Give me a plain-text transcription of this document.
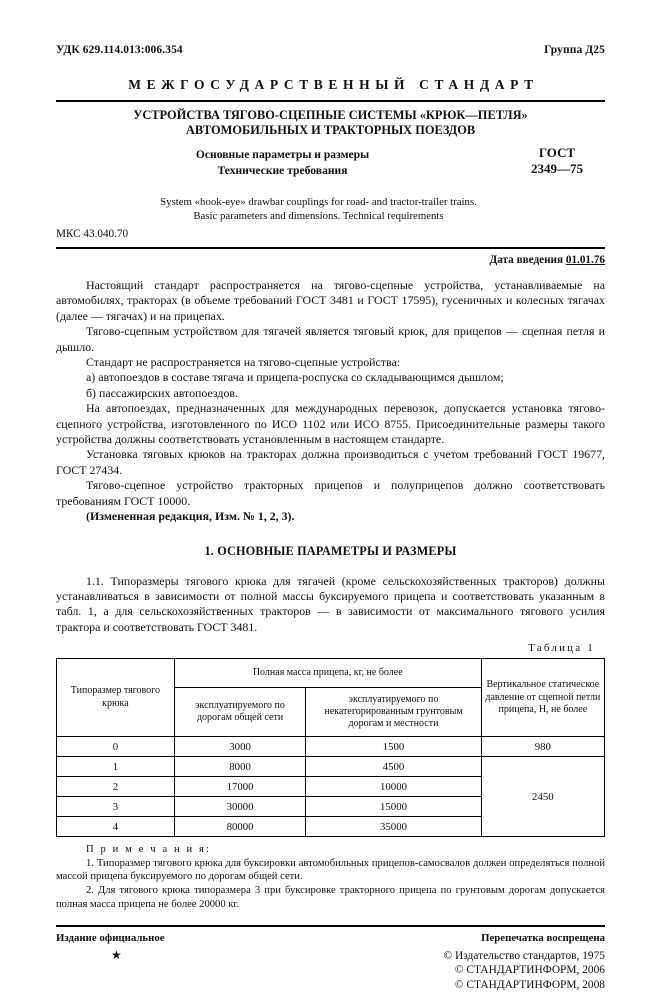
УДК 629.114.013:006.354	Группа Д25
МЕЖГОСУДАРСТВЕННЫЙ СТАНДАРТ
УСТРОЙСТВА ТЯГОВО-СЦЕПНЫЕ СИСТЕМЫ «КРЮК—ПЕТЛЯ»
АВТОМОБИЛЬНЫХ И ТРАКТОРНЫХ ПОЕЗДОВ
Основные параметры и размеры
Технические требования
ГОСТ
2349—75
System «hook-eye» drawbar couplings for road- and tractor-trailer trains.
Basic parameters and dimensions. Technical requirements
МКС 43.040.70
Дата введения 01.01.76

Настоящий стандарт распространяется на тягово-сцепные устройства, устанавливаемые на автомобилях, тракторах (в объеме требований ГОСТ 3481 и ГОСТ 17595), гусеничных и колесных тягачах (далее — тягачах) и на прицепах.

Тягово-сцепным устройством для тягачей является тяговый крюк, для прицепов — сцепная петля и дышло.

Стандарт не распространяется на тягово-сцепные устройства:

а) автопоездов в составе тягача и прицепа-роспуска со складывающимся дышлом;

б) пассажирских автопоездов.

На автопоездах, предназначенных для международных перевозок, допускается установка тягово-сцепного устройства, изготовленного по ИСО 1102 или ИСО 8755. Присоединительные размеры такого устройства должны соответствовать установленным в настоящем стандарте.

Установка тяговых крюков на тракторах должна производиться с учетом требований ГОСТ 19677, ГОСТ 27434.

Тягово-сцепное устройство тракторных прицепов и полуприцепов должно соответствовать требованиям ГОСТ 10000.

(Измененная редакция, Изм. № 1, 2, 3).

1. ОСНОВНЫЕ ПАРАМЕТРЫ И РАЗМЕРЫ

1.1. Типоразмеры тягового крюка для тягачей (кроме сельскохозяйственных тракторов) должны устанавливаться в зависимости от полной массы буксируемого прицепа и соответствовать указанным в табл. 1, а для сельскохозяйственных тракторов — в зависимости от максимального тягового усилия трактора и соответствовать ГОСТ 3481.

Таблица 1
Типоразмер тягового крюка	Полная масса прицепа, кг, не более		Вертикальное статическое давление от сцепной петли прицепа, Н, не более
	эксплуатируемого по дорогам общей сети	эксплуатируемого по некатегорированным грунтовым дорогам и местности	
0	3000	1500	980
1	8000	4500	2450
2	17000	10000	
3	30000	15000	
4	80000	35000	
П р и м е ч а н и я:

1. Типоразмер тягового крюка для буксировки автомобильных прицепов-самосвалов должен определяться полной массой прицепа буксируемого по дорогам общей сети.

2. Для тягового крюка типоразмера 3 при буксировке тракторного прицепа по грунтовым дорогам допускается полная масса прицепа не более 20000 кг.

Издание официальное	Перепечатка воспрещена
★	© Издательство стандартов, 1975
© СТАНДАРТИНФОРМ, 2006
© СТАНДАРТИНФОРМ, 2008
